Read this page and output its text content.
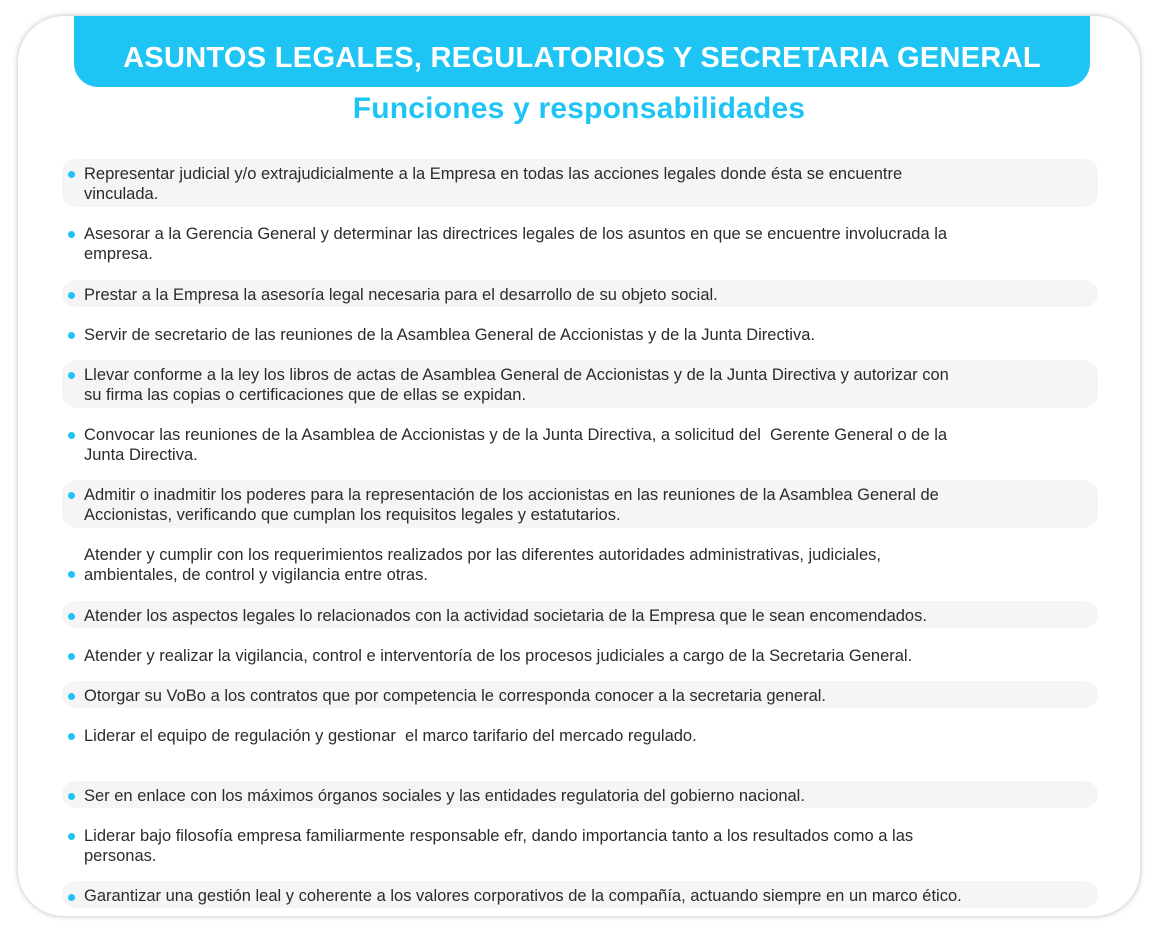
ASUNTOS LEGALES, REGULATORIOS Y SECRETARIA GENERAL
Funciones y responsabilidades
Representar judicial y/o extrajudicialmente a la Empresa en todas las acciones legales donde ésta se encuentre
vinculada.
Asesorar a la Gerencia General y determinar las directrices legales de los asuntos en que se encuentre involucrada la
empresa.
Prestar a la Empresa la asesoría legal necesaria para el desarrollo de su objeto social.
Servir de secretario de las reuniones de la Asamblea General de Accionistas y de la Junta Directiva.
Llevar conforme a la ley los libros de actas de Asamblea General de Accionistas y de la Junta Directiva y autorizar con
su firma las copias o certificaciones que de ellas se expidan.
Convocar las reuniones de la Asamblea de Accionistas y de la Junta Directiva, a solicitud del  Gerente General o de la
Junta Directiva.
Admitir o inadmitir los poderes para la representación de los accionistas en las reuniones de la Asamblea General de
Accionistas, verificando que cumplan los requisitos legales y estatutarios.
Atender y cumplir con los requerimientos realizados por las diferentes autoridades administrativas, judiciales,
ambientales, de control y vigilancia entre otras.
Atender los aspectos legales lo relacionados con la actividad societaria de la Empresa que le sean encomendados.
Atender y realizar la vigilancia, control e interventoría de los procesos judiciales a cargo de la Secretaria General.
Otorgar su VoBo a los contratos que por competencia le corresponda conocer a la secretaria general.
Liderar el equipo de regulación y gestionar  el marco tarifario del mercado regulado.
Ser en enlace con los máximos órganos sociales y las entidades regulatoria del gobierno nacional.
Liderar bajo filosofía empresa familiarmente responsable efr, dando importancia tanto a los resultados como a las
personas.
Garantizar una gestión leal y coherente a los valores corporativos de la compañía, actuando siempre en un marco ético.
